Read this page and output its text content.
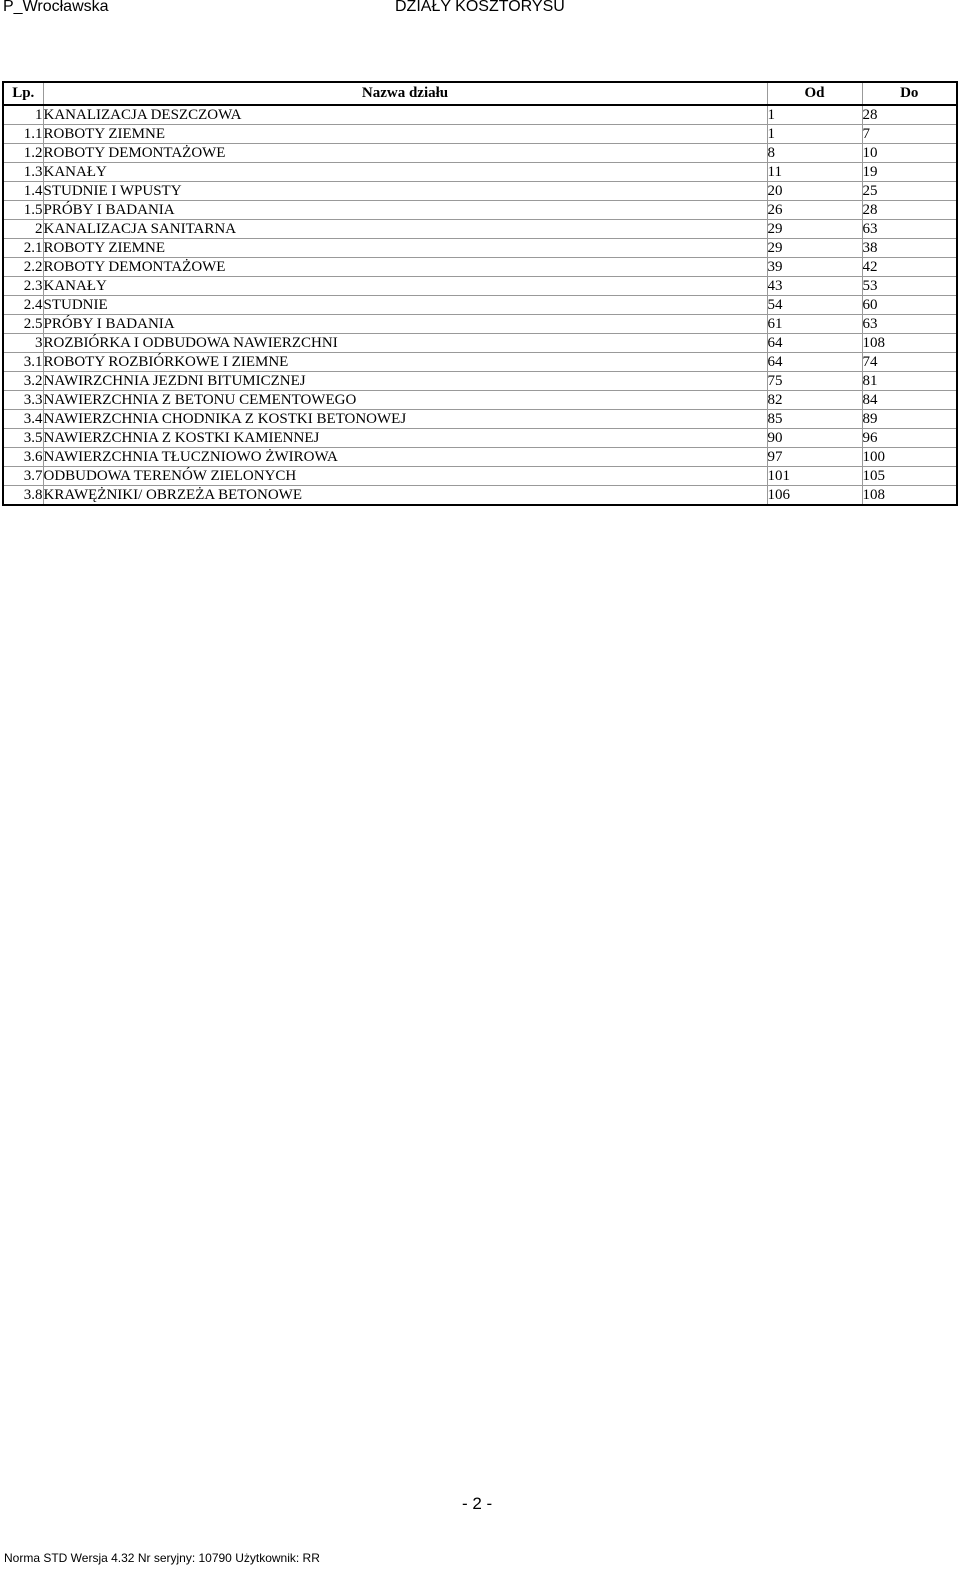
P_Wrocławska	DZIAŁY KOSZTORYSU
Lp.	Nazwa działu	Od	Do
1	KANALIZACJA DESZCZOWA	1	28
1.1	ROBOTY ZIEMNE	1	7
1.2	ROBOTY DEMONTAŻOWE	8	10
1.3	KANAŁY	11	19
1.4	STUDNIE I WPUSTY	20	25
1.5	PRÓBY I BADANIA	26	28
2	KANALIZACJA SANITARNA	29	63
2.1	ROBOTY ZIEMNE	29	38
2.2	ROBOTY DEMONTAŻOWE	39	42
2.3	KANAŁY	43	53
2.4	STUDNIE	54	60
2.5	PRÓBY I BADANIA	61	63
3	ROZBIÓRKA I ODBUDOWA NAWIERZCHNI	64	108
3.1	ROBOTY ROZBIÓRKOWE I ZIEMNE	64	74
3.2	NAWIRZCHNIA JEZDNI BITUMICZNEJ	75	81
3.3	NAWIERZCHNIA Z BETONU CEMENTOWEGO	82	84
3.4	NAWIERZCHNIA CHODNIKA Z KOSTKI BETONOWEJ	85	89
3.5	NAWIERZCHNIA Z KOSTKI KAMIENNEJ	90	96
3.6	NAWIERZCHNIA TŁUCZNIOWO ŻWIROWA	97	100
3.7	ODBUDOWA TERENÓW ZIELONYCH	101	105
3.8	KRAWĘŻNIKI/ OBRZEŻA BETONOWE	106	108
- 2 -
Norma STD Wersja 4.32 Nr seryjny: 10790 Użytkownik: RR
